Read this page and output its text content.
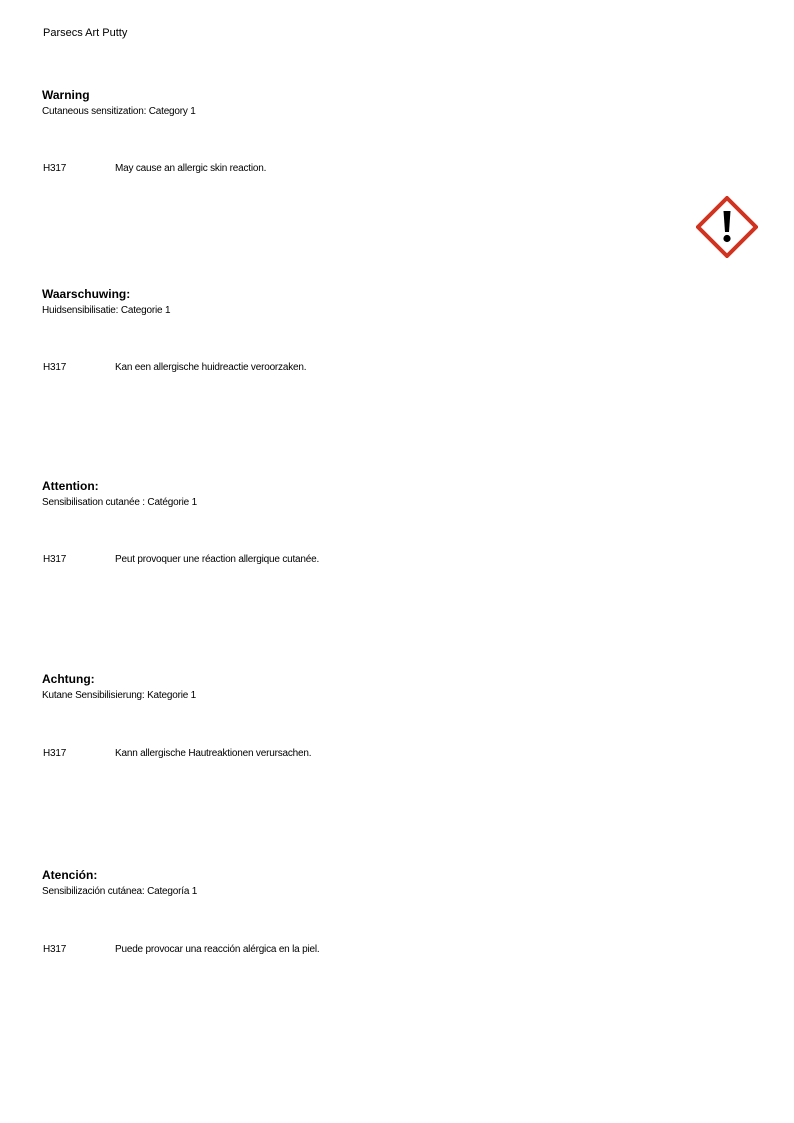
Parsecs Art Putty

Warning

Cutaneous sensitization: Category 1

H317	May cause an allergic skin reaction.

Waarschuwing:

Huidsensibilisatie: Categorie 1

H317	Kan een allergische huidreactie veroorzaken.

Attention:

Sensibilisation cutanée : Catégorie 1

H317	Peut provoquer une réaction allergique cutanée.

Achtung:

Kutane Sensibilisierung: Kategorie 1

H317	Kann allergische Hautreaktionen verursachen.

Atención:

Sensibilización cutánea: Categoría 1

H317	Puede provocar una reacción alérgica en la piel.
